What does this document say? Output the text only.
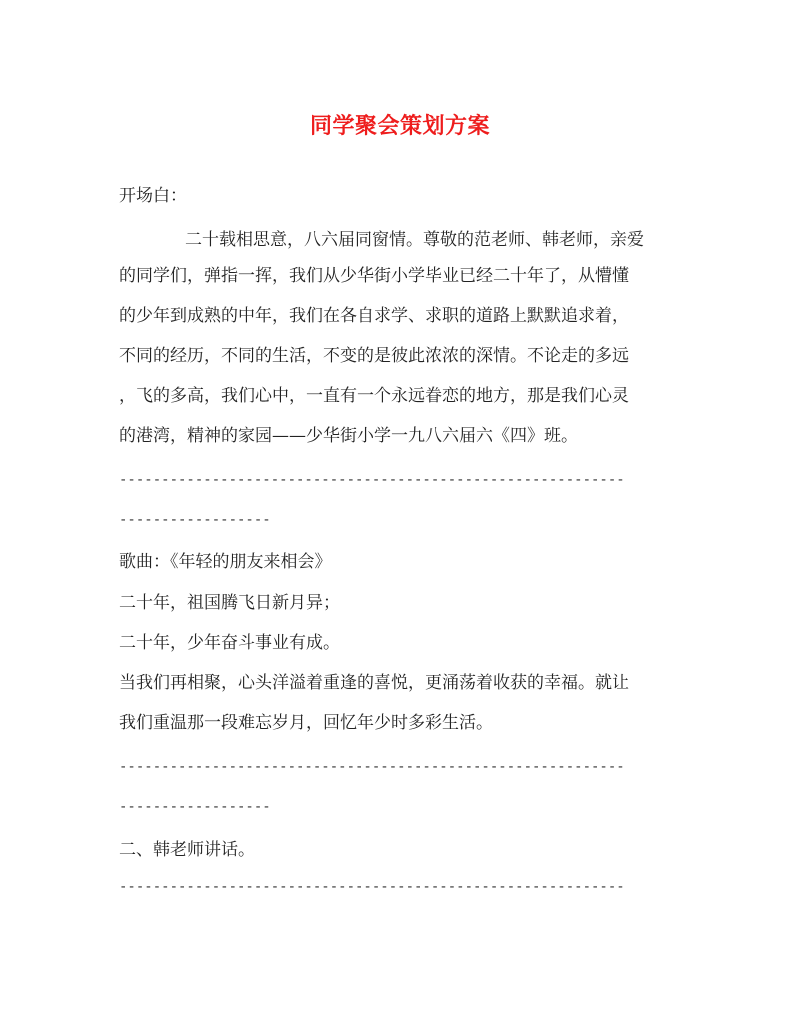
同学聚会策划方案
开场白：
二十载相思意，八六届同窗情。尊敬的范老师、韩老师，亲爱
的同学们，弹指一挥，我们从少华街小学毕业已经二十年了，从懵懂
的少年到成熟的中年，我们在各自求学、求职的道路上默默追求着，
不同的经历，不同的生活，不变的是彼此浓浓的深情。不论走的多远
，飞的多高，我们心中，一直有一个永远眷恋的地方，那是我们心灵
的港湾，精神的家园——少华街小学一九八六届六《四》班。
------------------------------------------------------------
------------------
歌曲：《年轻的朋友来相会》
二十年，祖国腾飞日新月异；
二十年，少年奋斗事业有成。
当我们再相聚，心头洋溢着重逢的喜悦，更涌荡着收获的幸福。就让
我们重温那一段难忘岁月，回忆年少时多彩生活。
------------------------------------------------------------
------------------
二、韩老师讲话。
------------------------------------------------------------
